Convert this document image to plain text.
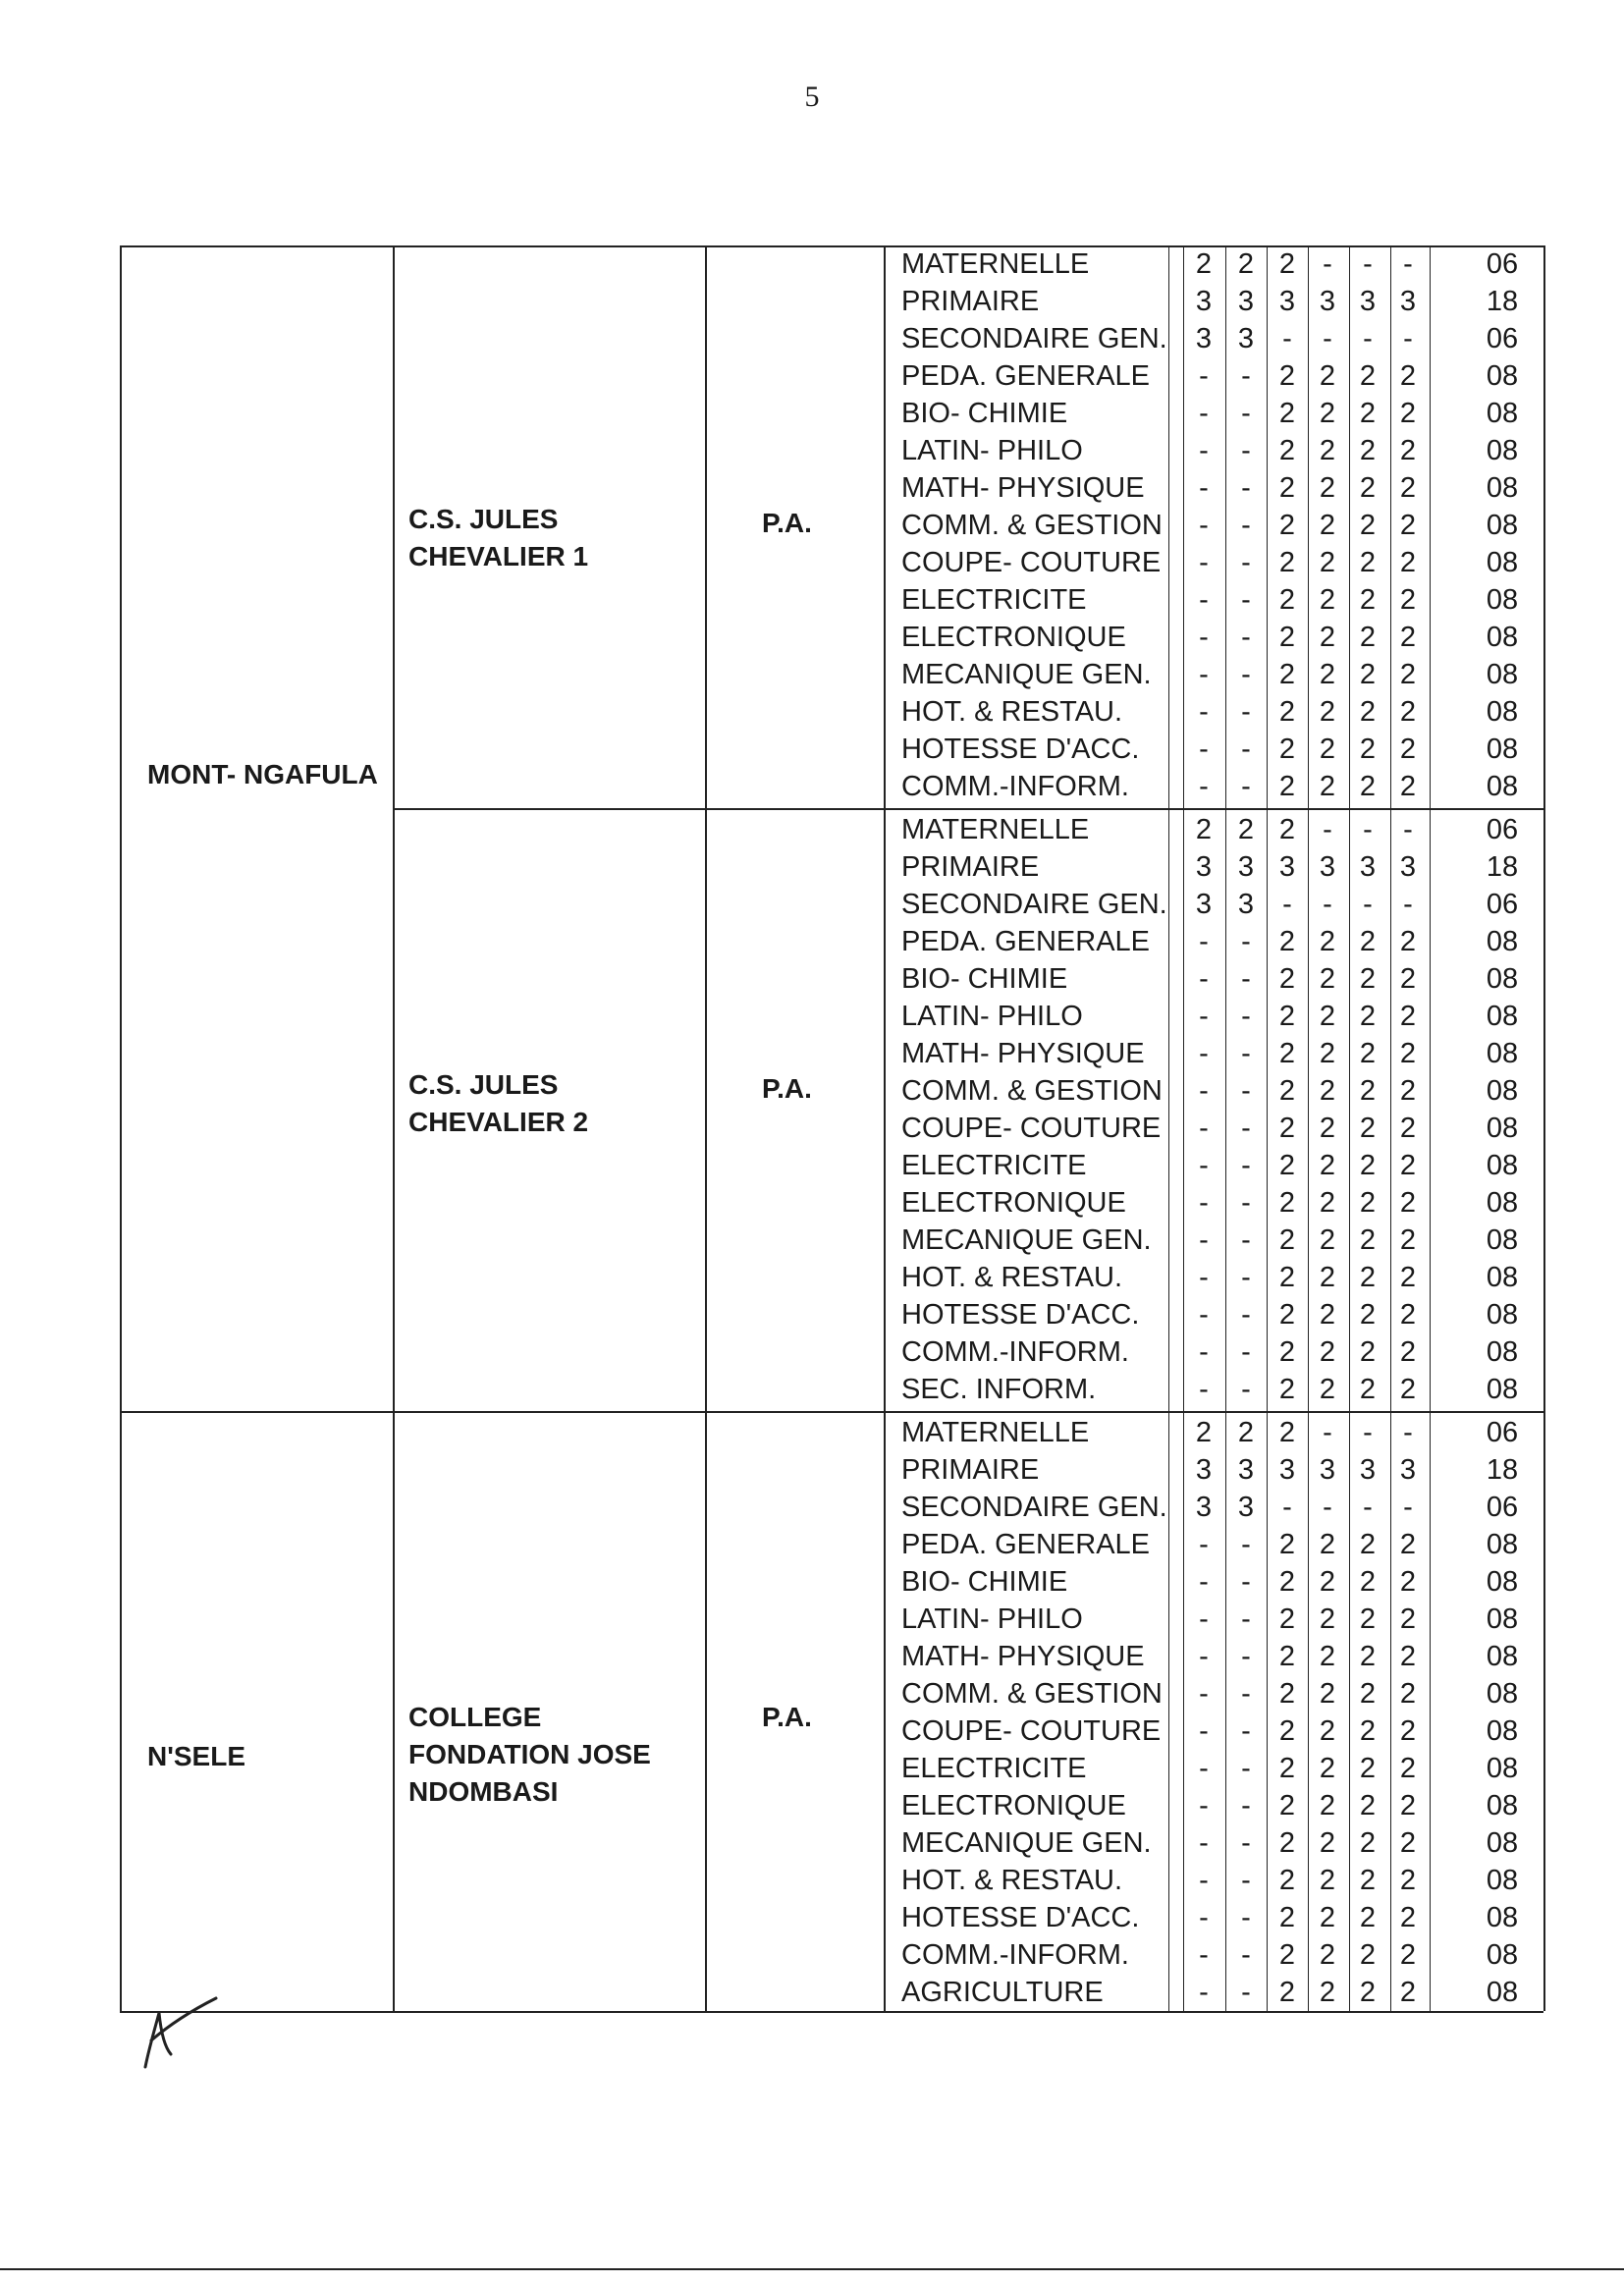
5
MONT- NGAFULA
C.S. JULES
CHEVALIER 1
P.A.
MATERNELLE	2 2 2 - - -	06
PRIMAIRE	3 3 3 3 3 3	18
SECONDAIRE GEN. 3 3 - - - -	06
PEDA. GENERALE - - 2 2 2 2	08
BIO- CHIMIE	- - 2 2 2 2	08
LATIN- PHILO	- - 2 2 2 2	08
MATH- PHYSIQUE - - 2 2 2 2	08
COMM. & GESTION - - 2 2 2 2	08
COUPE- COUTURE - - 2 2 2 2	08
ELECTRICITE	- - 2 2 2 2	08
ELECTRONIQUE	- - 2 2 2 2	08
MECANIQUE GEN. - - 2 2 2 2	08
HOT. & RESTAU.	- - 2 2 2 2	08
HOTESSE D'ACC. - - 2 2 2 2	08
COMM.-INFORM. - - 2 2 2 2	08
C.S. JULES
CHEVALIER 2
P.A.
MATERNELLE	2 2 2 - - -	06
PRIMAIRE	3 3 3 3 3 3	18
SECONDAIRE GEN. 3 3 - - - -	06
PEDA. GENERALE - - 2 2 2 2	08
BIO- CHIMIE	- - 2 2 2 2	08
LATIN- PHILO	- - 2 2 2 2	08
MATH- PHYSIQUE - - 2 2 2 2	08
COMM. & GESTION - - 2 2 2 2	08
COUPE- COUTURE - - 2 2 2 2	08
ELECTRICITE	- - 2 2 2 2	08
ELECTRONIQUE	- - 2 2 2 2	08
MECANIQUE GEN. - - 2 2 2 2	08
HOT. & RESTAU.	- - 2 2 2 2	08
HOTESSE D'ACC. - - 2 2 2 2	08
COMM.-INFORM. - - 2 2 2 2	08
SEC. INFORM.	- - 2 2 2 2	08
N'SELE
COLLEGE
FONDATION JOSE
NDOMBASI
P.A.
MATERNELLE	2 2 2 - - -	06
PRIMAIRE	3 3 3 3 3 3	18
SECONDAIRE GEN. 3 3 - - - -	06
PEDA. GENERALE - - 2 2 2 2	08
BIO- CHIMIE	- - 2 2 2 2	08
LATIN- PHILO	- - 2 2 2 2	08
MATH- PHYSIQUE - - 2 2 2 2	08
COMM. & GESTION - - 2 2 2 2	08
COUPE- COUTURE - - 2 2 2 2	08
ELECTRICITE	- - 2 2 2 2	08
ELECTRONIQUE	- - 2 2 2 2	08
MECANIQUE GEN. - - 2 2 2 2	08
HOT. & RESTAU.	- - 2 2 2 2	08
HOTESSE D'ACC. - - 2 2 2 2	08
COMM.-INFORM. - - 2 2 2 2	08
AGRICULTURE	- - 2 2 2 2	08
